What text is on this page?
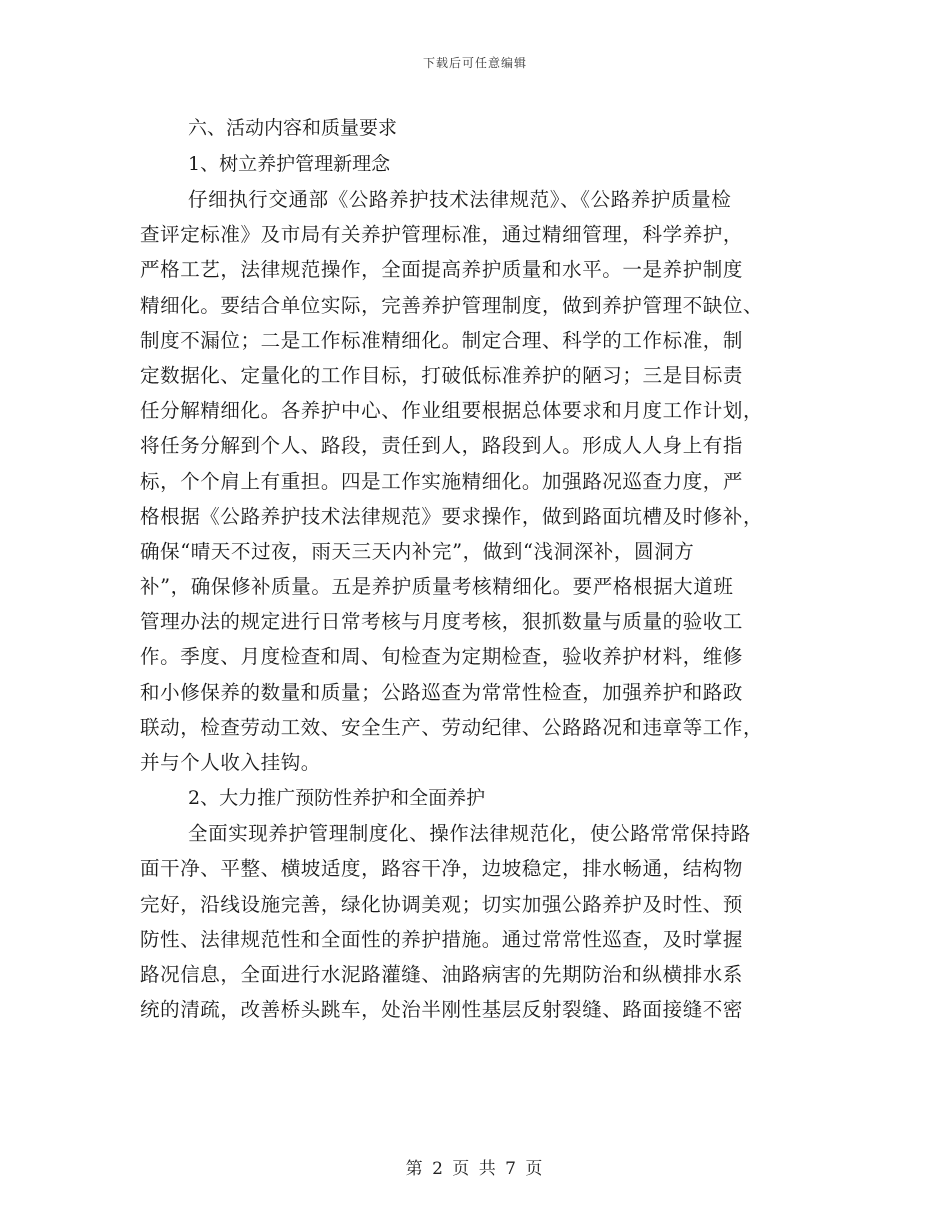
下载后可任意编辑
六、活动内容和质量要求
1、树立养护管理新理念
仔细执行交通部《公路养护技术法律规范》、《公路养护质量检
查评定标准》及市局有关养护管理标准，通过精细管理，科学养护，
严格工艺，法律规范操作，全面提高养护质量和水平。一是养护制度
精细化。要结合单位实际，完善养护管理制度，做到养护管理不缺位、
制度不漏位；二是工作标准精细化。制定合理、科学的工作标准，制
定数据化、定量化的工作目标，打破低标准养护的陋习；三是目标责
任分解精细化。各养护中心、作业组要根据总体要求和月度工作计划，
将任务分解到个人、路段，责任到人，路段到人。形成人人身上有指
标，个个肩上有重担。四是工作实施精细化。加强路况巡查力度，严
格根据《公路养护技术法律规范》要求操作，做到路面坑槽及时修补，
确保“晴天不过夜，雨天三天内补完”，做到“浅洞深补，圆洞方
补”，确保修补质量。五是养护质量考核精细化。要严格根据大道班
管理办法的规定进行日常考核与月度考核，狠抓数量与质量的验收工
作。季度、月度检查和周、旬检查为定期检查，验收养护材料，维修
和小修保养的数量和质量；公路巡查为常常性检查，加强养护和路政
联动，检查劳动工效、安全生产、劳动纪律、公路路况和违章等工作，
并与个人收入挂钩。
2、大力推广预防性养护和全面养护
全面实现养护管理制度化、操作法律规范化，使公路常常保持路
面干净、平整、横坡适度，路容干净，边坡稳定，排水畅通，结构物
完好，沿线设施完善，绿化协调美观；切实加强公路养护及时性、预
防性、法律规范性和全面性的养护措施。通过常常性巡查，及时掌握
路况信息，全面进行水泥路灌缝、油路病害的先期防治和纵横排水系
统的清疏，改善桥头跳车，处治半刚性基层反射裂缝、路面接缝不密
第 2 页 共 7 页
